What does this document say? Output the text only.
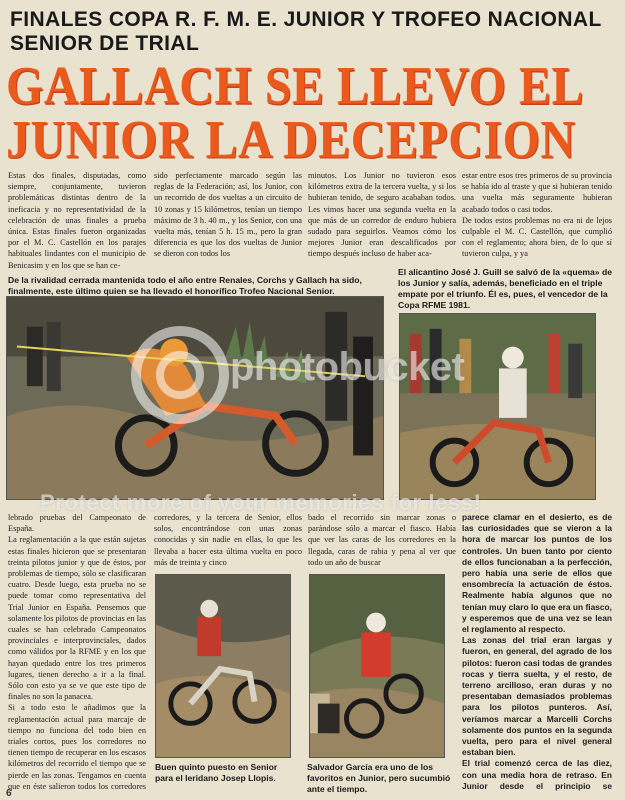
FINALES COPA R. F. M. E. JUNIOR Y TROFEO NACIONAL SENIOR DE TRIAL
GALLACH SE LLEVO EL JUNIOR LA DECEPCION
Estas dos finales, disputadas, como siempre, conjuntamente, tuvieron problemáticas distintas dentro de la ineficacia y no representatividad de la celebración de unas finales a prueba única. Estas finales fueron organizadas por el M. C. Castellón en los parajes habituales lindantes con el municipio de Benicasim y en los que se han ce-
sido perfectamente marcado según las reglas de la Federación; así, los Junior, con un recorrido de dos vueltas a un circuito de 10 zonas y 15 kilómetros, tenían un tiempo máximo de 3 h. 40 m., y los Senior, con una vuelta más, tenían 5 h. 15 m., pero la gran diferencia es que los dos vueltas de Junior se dieron con todos los
minutos. Los Junior no tuvieron esos kilómetros extra de la tercera vuelta, y si los hubieran tenido, de seguro acababan todos. Les vimos hacer una segunda vuelta en la que más de un corredor de enduro hubiera sudado para seguirlos. Veamos cómo los mejores Junior eran descalificados por tiempo después incluso de haber aca-
estar entre esos tres primeros de su provincia se había ido al traste y que si hubieran tenido una vuelta más seguramente hubieran acabado todos o casi todos.
De todos estos problemas no era ni de lejos culpable el M. C. Castellón, que cumplió con el reglamento; ahora bien, de lo que sí tuvieron culpa, y ya
De la rivalidad cerrada mantenida todo el año entre Renales, Corchs y Gallach ha sido, finalmente, este último quien se ha llevado el honorífico Trofeo Nacional Senior.
El alicantino José J. Guill se salvó de la «quema» de los Junior y salía, además, beneficiado en el triple empate por el triunfo. Él es, pues, el vencedor de la Copa RFME 1981.
lebrado pruebas del Campeonato de España.
La reglamentación a la que están sujetas estas finales hicieron que se presentaran treinta pilotos junior y que de éstos, por problemas de tiempo, sólo se clasificaran cuatro. Desde luego, esta prueba no se puede tomar como representativa del Trial Junior en España. Pensemos que solamente los pilotos de provincias en las cuales se han celebrado Campeonatos provinciales e interprovinciales, dados como válidos por la RFME y en los que hayan quedado entre los tres primeros lugares, tienen derecho a ir a la final. Sólo con esto ya se ve que este tipo de finales no son la panacea.
Si a todo esto le añadimos que la reglamentación actual para marcaje de tiempo no funciona del todo bien en triales cortos, pues los corredores no tienen tiempo de recuperar en los escasos kilómetros del recorrido el tiempo que se pierde en las zonas. Tengamos en cuenta que en éste salieron todos los corredores
corredores, y la tercera de Senior, ellos solos, encontrándose con unas zonas conocidas y sin nadie en ellas, lo que les llevaba a hacer esta última vuelta en poco más de treinta y cinco
bado el recorrido sin marcar zonas o parándose sólo a marcar el fiasco. Había que ver las caras de los corredores en la llegada, caras de rabia y pena al ver que todo un año de buscar
parece clamar en el desierto, es de las curiosidades que se vieron a la hora de marcar los puntos de los controles. Un buen tanto por ciento de ellos funcionaban a la perfección, pero había una serie de ellos que ensombrecía la actuación de éstos. Realmente había algunos que no tenían muy claro lo que era un fiasco, y esperemos que de una vez se lean el reglamento al respecto.
Las zonas del trial eran largas y fueron, en general, del agrado de los pilotos: fueron casi todas de grandes rocas y tierra suelta, y el resto, de terreno arcilloso, eran duras y no presentaban demasiados problemas para los pilotos punteros. Así, veríamos marcar a Marcelli Corchs solamente dos puntos en la segunda vuelta, pero para el nivel general estaban bien.
El trial comenzó cerca de las diez, con una media hora de retraso. En Junior desde el principio se
Buen quinto puesto en Senior para el leridano Josep Llopis.
Salvador García era uno de los favoritos en Junior, pero sucumbió ante el tiempo.
photobucket
Protect more of your memories for less!
6
